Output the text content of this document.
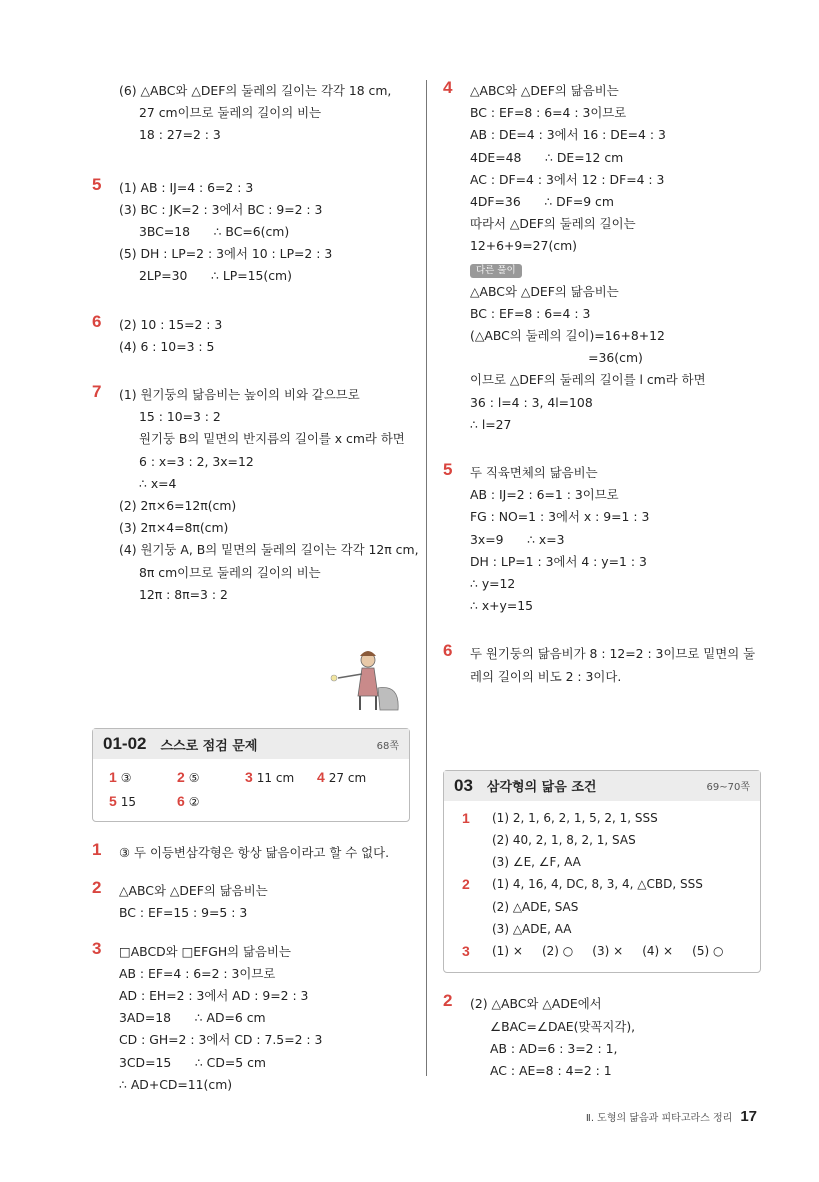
(6) △ABC와 △DEF의 둘레의 길이는 각각 18 cm,
27 cm이므로 둘레의 길이의 비는
18 : 27=2 : 3
5 (1) AB : IJ=4 : 6=2 : 3
(3) BC : JK=2 : 3에서 BC : 9=2 : 3
3BC=18      ∴ BC=6(cm)
(5) DH : LP=2 : 3에서 10 : LP=2 : 3
2LP=30      ∴ LP=15(cm)
6 (2) 10 : 15=2 : 3
(4) 6 : 10=3 : 5
7 (1) 원기둥의 닮음비는 높이의 비와 같으므로
15 : 10=3 : 2
원기둥 B의 밑면의 반지름의 길이를 x cm라 하면
6 : x=3 : 2, 3x=12
∴ x=4
(2) 2π×6=12π(cm)
(3) 2π×4=8π(cm)
(4) 원기둥 A, B의 밑면의 둘레의 길이는 각각 12π cm,
8π cm이므로 둘레의 길이의 비는
12π : 8π=3 : 2
01-02 스스로 점검 문제	68쪽
1 ③	2 ⑤	3 11 cm	4 27 cm
5 15	6 ②
1 ③ 두 이등변삼각형은 항상 닮음이라고 할 수 없다.
2 △ABC와 △DEF의 닮음비는
BC : EF=15 : 9=5 : 3
3 □ABCD와 □EFGH의 닮음비는
AB : EF=4 : 6=2 : 3이므로
AD : EH=2 : 3에서 AD : 9=2 : 3
3AD=18      ∴ AD=6 cm
CD : GH=2 : 3에서 CD : 7.5=2 : 3
3CD=15      ∴ CD=5 cm
∴ AD+CD=11(cm)
4 △ABC와 △DEF의 닮음비는
BC : EF=8 : 6=4 : 3이므로
AB : DE=4 : 3에서 16 : DE=4 : 3
4DE=48      ∴ DE=12 cm
AC : DF=4 : 3에서 12 : DF=4 : 3
4DF=36      ∴ DF=9 cm
따라서 △DEF의 둘레의 길이는
12+6+9=27(cm)
다른 풀이
△ABC와 △DEF의 닮음비는
BC : EF=8 : 6=4 : 3
(△ABC의 둘레의 길이)=16+8+12
=36(cm)
이므로 △DEF의 둘레의 길이를 l cm라 하면
36 : l=4 : 3, 4l=108
∴ l=27
5 두 직육면체의 닮음비는
AB : IJ=2 : 6=1 : 3이므로
FG : NO=1 : 3에서 x : 9=1 : 3
3x=9      ∴ x=3
DH : LP=1 : 3에서 4 : y=1 : 3
∴ y=12
∴ x+y=15
6 두 원기둥의 닮음비가 8 : 12=2 : 3이므로 밑면의 둘
레의 길이의 비도 2 : 3이다.
03 삼각형의 닮음 조건	69~70쪽
1	(1) 2, 1, 6, 2, 1, 5, 2, 1, SSS
(2) 40, 2, 1, 8, 2, 1, SAS
(3) ∠E, ∠F, AA
2	(1) 4, 16, 4, DC, 8, 3, 4, △CBD, SSS
(2) △ADE, SAS
(3) △ADE, AA
3	(1) ×     (2) ○     (3) ×     (4) ×     (5) ○
2 (2) △ABC와 △ADE에서
∠BAC=∠DAE(맞꼭지각),
AB : AD=6 : 3=2 : 1,
AC : AE=8 : 4=2 : 1
Ⅱ. 도형의 닮음과 피타고라스 정리 17
